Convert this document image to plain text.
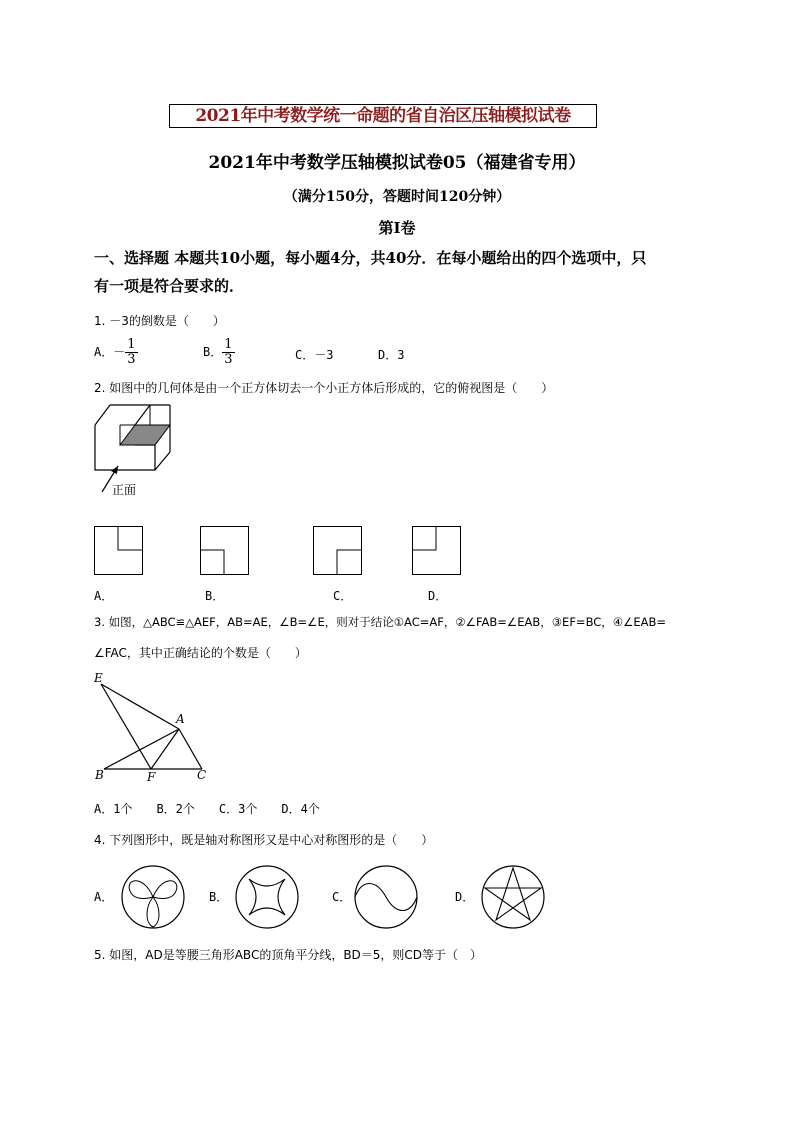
2021年中考数学统一命题的省自治区压轴模拟试卷
2021年中考数学压轴模拟试卷05（福建省专用）
（满分150分，答题时间120分钟）
第Ⅰ卷
一、选择题 本题共10小题，每小题4分，共40分．在每小题给出的四个选项中，只
有一项是符合要求的．
1. －3的倒数是（　　）
A．－ $\frac{1}{3}$	B． $\frac{1}{3}$	C．－3	D．3
2. 如图中的几何体是由一个正方体切去一个小正方体后形成的，它的俯视图是（　　）
正面
A．	B．	C．	D．
3. 如图，△ABC≌△AEF，AB=AE，∠B=∠E，则对于结论①AC=AF，②∠FAB=∠EAB，③EF=BC，④∠EAB=
∠FAC，其中正确结论的个数是（　　）
E
A
B	F	C
A．1个　　B．2个　　C．3个　　D．4个
4. 下列图形中，既是轴对称图形又是中心对称图形的是（　　）
A．	B．	C．	D．
5. 如图，AD是等腰三角形ABC的顶角平分线，BD＝5，则CD等于（　）
